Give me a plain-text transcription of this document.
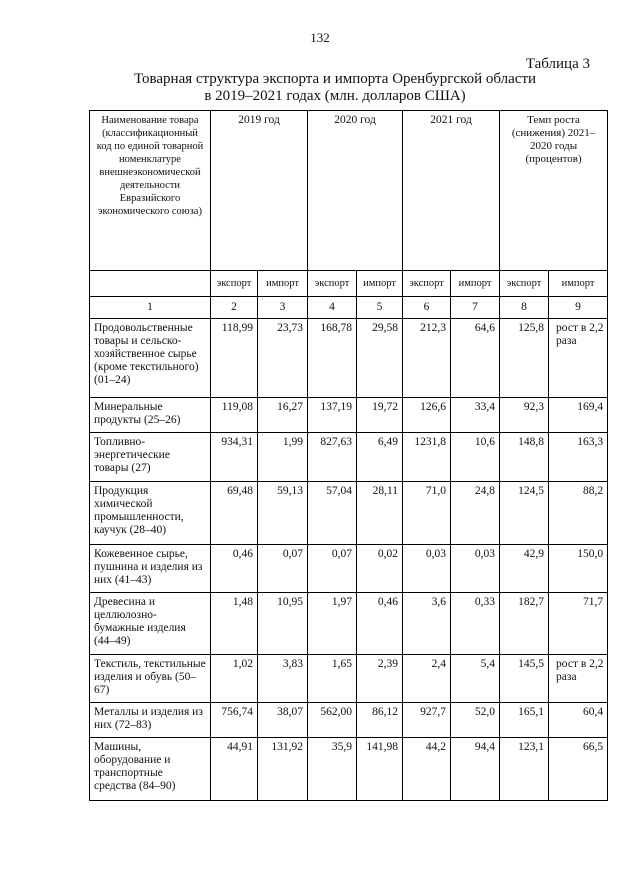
132
Таблица 3
Товарная структура экспорта и импорта Оренбургской области
в 2019–2021 годах (млн. долларов США)
Наименование товара (классификационный код по единой товарной номенклатуре внешнеэкономической деятельности Евразийского экономического союза)	2019 год		2020 год		2021 год		Темп роста (снижения) 2021–2020 годы (процентов)	
	экспорт	импорт	экспорт	импорт	экспорт	импорт	экспорт	импорт
1	2	3	4	5	6	7	8	9
Продовольственные товары и сельско-хозяйственное сырье (кроме текстильного) (01–24)	118,99	23,73	168,78	29,58	212,3	64,6	125,8	рост в 2,2 раза
Минеральные продукты (25–26)	119,08	16,27	137,19	19,72	126,6	33,4	92,3	169,4
Топливно-энергетические товары (27)	934,31	1,99	827,63	6,49	1231,8	10,6	148,8	163,3
Продукция химической промышленности, каучук (28–40)	69,48	59,13	57,04	28,11	71,0	24,8	124,5	88,2
Кожевенное сырье, пушнина и изделия из них (41–43)	0,46	0,07	0,07	0,02	0,03	0,03	42,9	150,0
Древесина и целлюлозно-бумажные изделия (44–49)	1,48	10,95	1,97	0,46	3,6	0,33	182,7	71,7
Текстиль, текстильные изделия и обувь (50–67)	1,02	3,83	1,65	2,39	2,4	5,4	145,5	рост в 2,2 раза
Металлы и изделия из них (72–83)	756,74	38,07	562,00	86,12	927,7	52,0	165,1	60,4
Машины, оборудование и транспортные средства (84–90)	44,91	131,92	35,9	141,98	44,2	94,4	123,1	66,5
